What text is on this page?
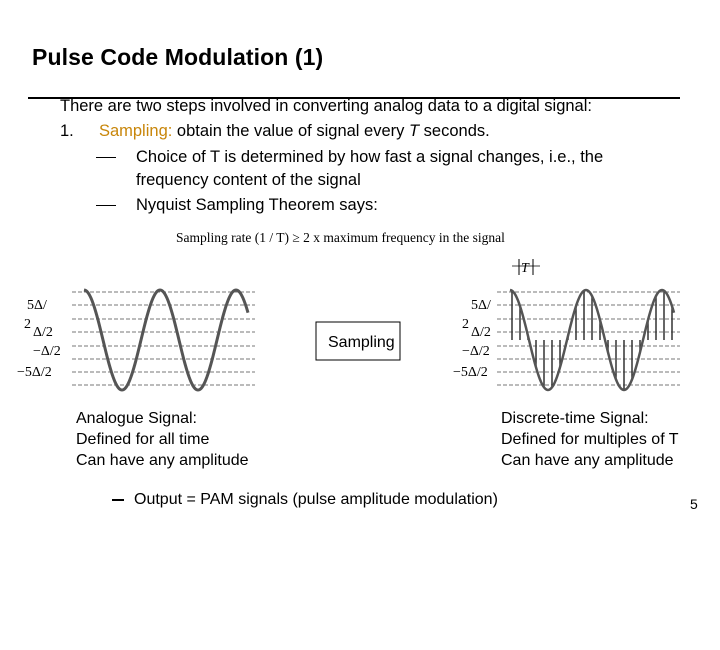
Pulse Code Modulation (1)
There are two steps involved in converting analog data to a digital signal:
1. Sampling: obtain the value of signal every T seconds.
Choice of T is determined by how fast a signal changes, i.e., the
frequency content of the signal
Nyquist Sampling Theorem says:
Sampling rate (1 / T) ≥ 2 x maximum frequency in the signal
5Δ/
2
Δ/2
−Δ/2
−5Δ/2
5Δ/
2
Δ/2
−Δ/2
−5Δ/2
T
Sampling
Analogue Signal:
Defined for all time
Can have any amplitude
Discrete-time Signal:
Defined for multiples of T
Can have any amplitude
Output = PAM signals (pulse amplitude modulation)	5
